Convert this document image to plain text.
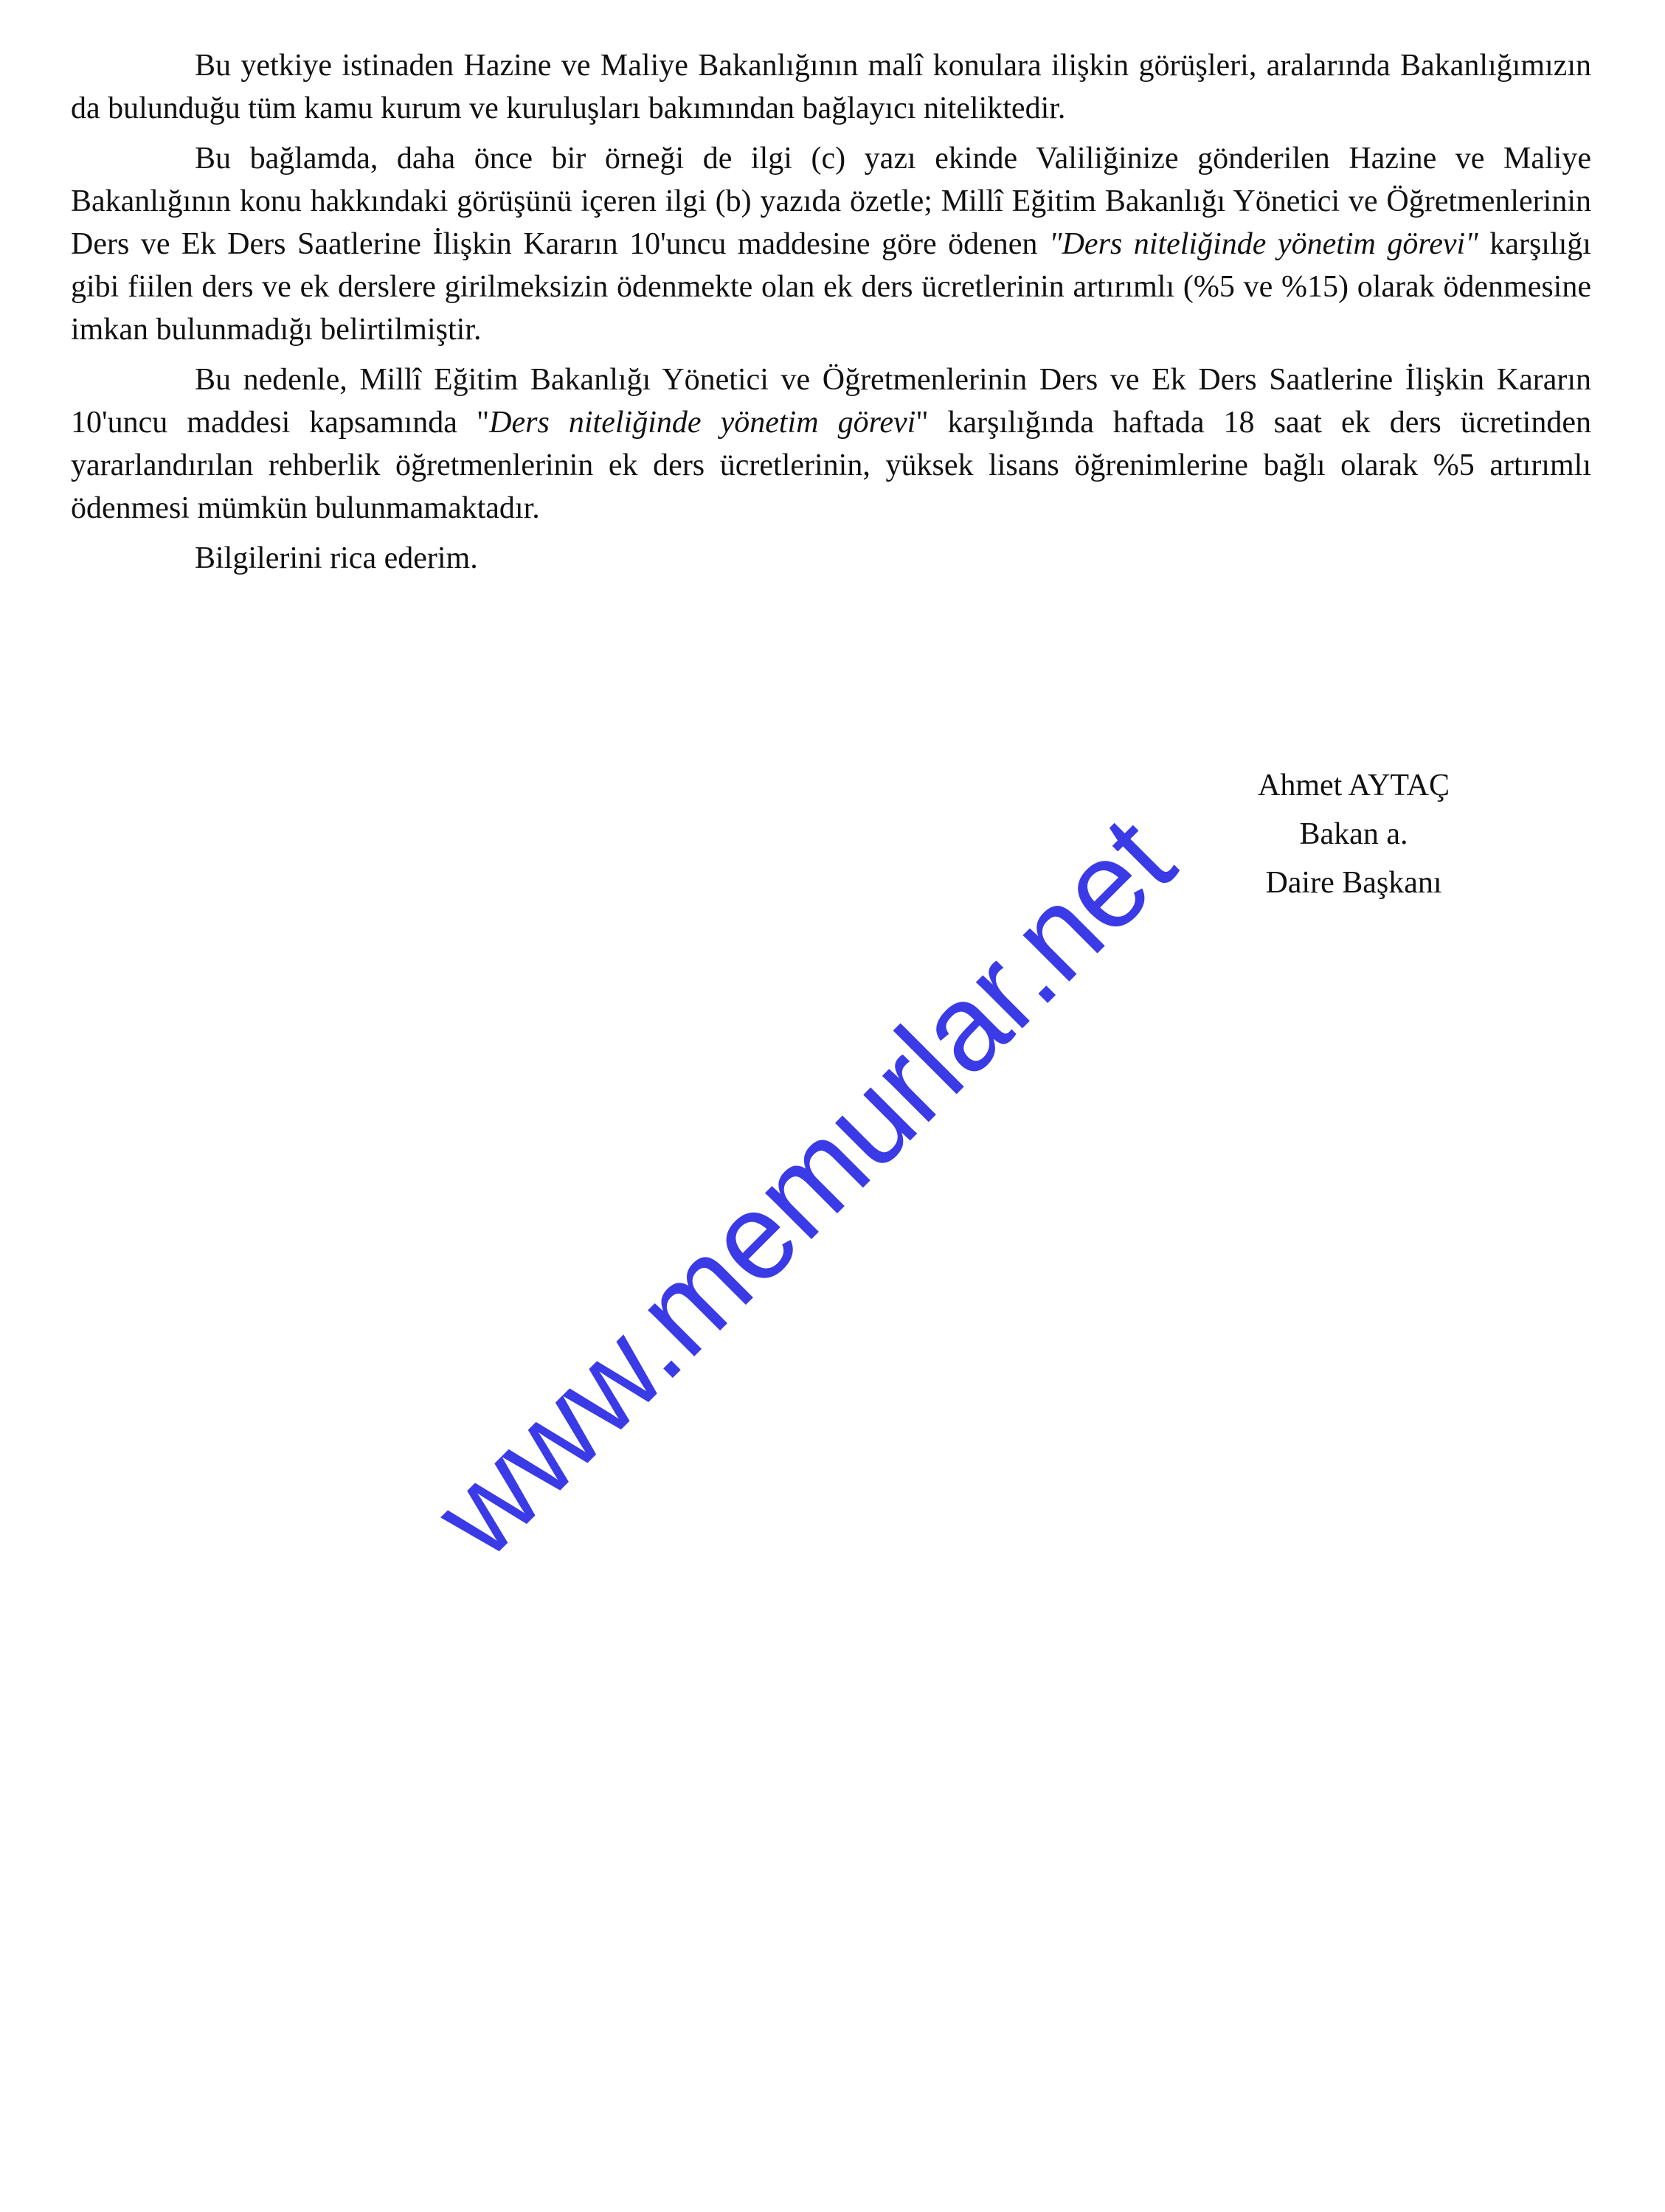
Bu yetkiye istinaden Hazine ve Maliye Bakanlığının malî konulara ilişkin görüşleri, aralarında Bakanlığımızın da bulunduğu tüm kamu kurum ve kuruluşları bakımından bağlayıcı niteliktedir.

Bu bağlamda, daha önce bir örneği de ilgi (c) yazı ekinde Valiliğinize gönderilen Hazine ve Maliye Bakanlığının konu hakkındaki görüşünü içeren ilgi (b) yazıda özetle; Millî Eğitim Bakanlığı Yönetici ve Öğretmenlerinin Ders ve Ek Ders Saatlerine İlişkin Kararın 10'uncu maddesine göre ödenen "Ders niteliğinde yönetim görevi" karşılığı gibi fiilen ders ve ek derslere girilmeksizin ödenmekte olan ek ders ücretlerinin artırımlı (%5 ve %15) olarak ödenmesine imkan bulunmadığı belirtilmiştir.

Bu nedenle, Millî Eğitim Bakanlığı Yönetici ve Öğretmenlerinin Ders ve Ek Ders Saatlerine İlişkin Kararın 10'uncu maddesi kapsamında "Ders niteliğinde yönetim görevi" karşılığında haftada 18 saat ek ders ücretinden yararlandırılan rehberlik öğretmenlerinin ek ders ücretlerinin, yüksek lisans öğrenimlerine bağlı olarak %5 artırımlı ödenmesi mümkün bulunmamaktadır.

Bilgilerini rica ederim.

Ahmet AYTAÇ
Bakan a.
Daire Başkanı
www.memurlar.net
